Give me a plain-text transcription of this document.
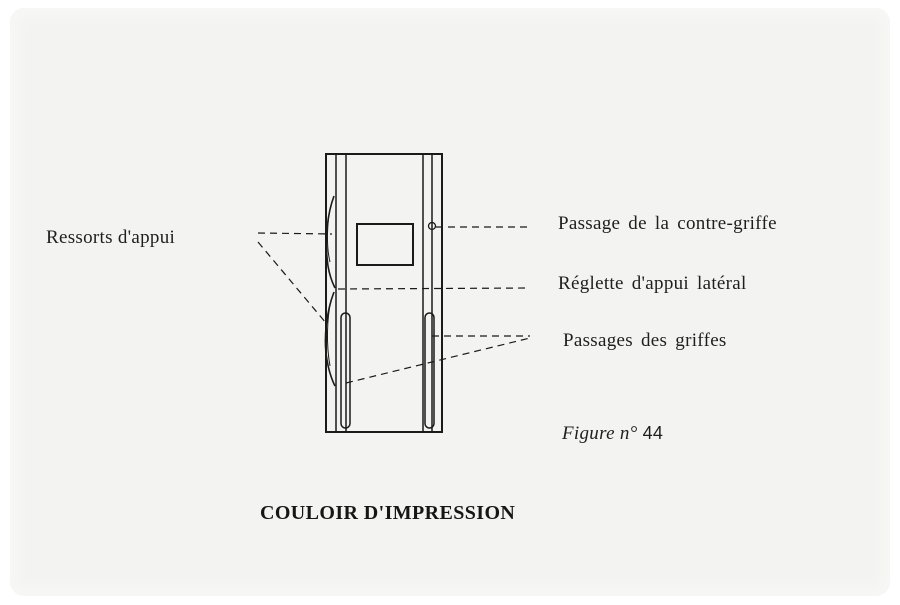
Ressorts d'appui
Passage de la contre-griffe
Réglette d'appui latéral
Passages des griffes
Figure n° 44
COULOIR D'IMPRESSION
